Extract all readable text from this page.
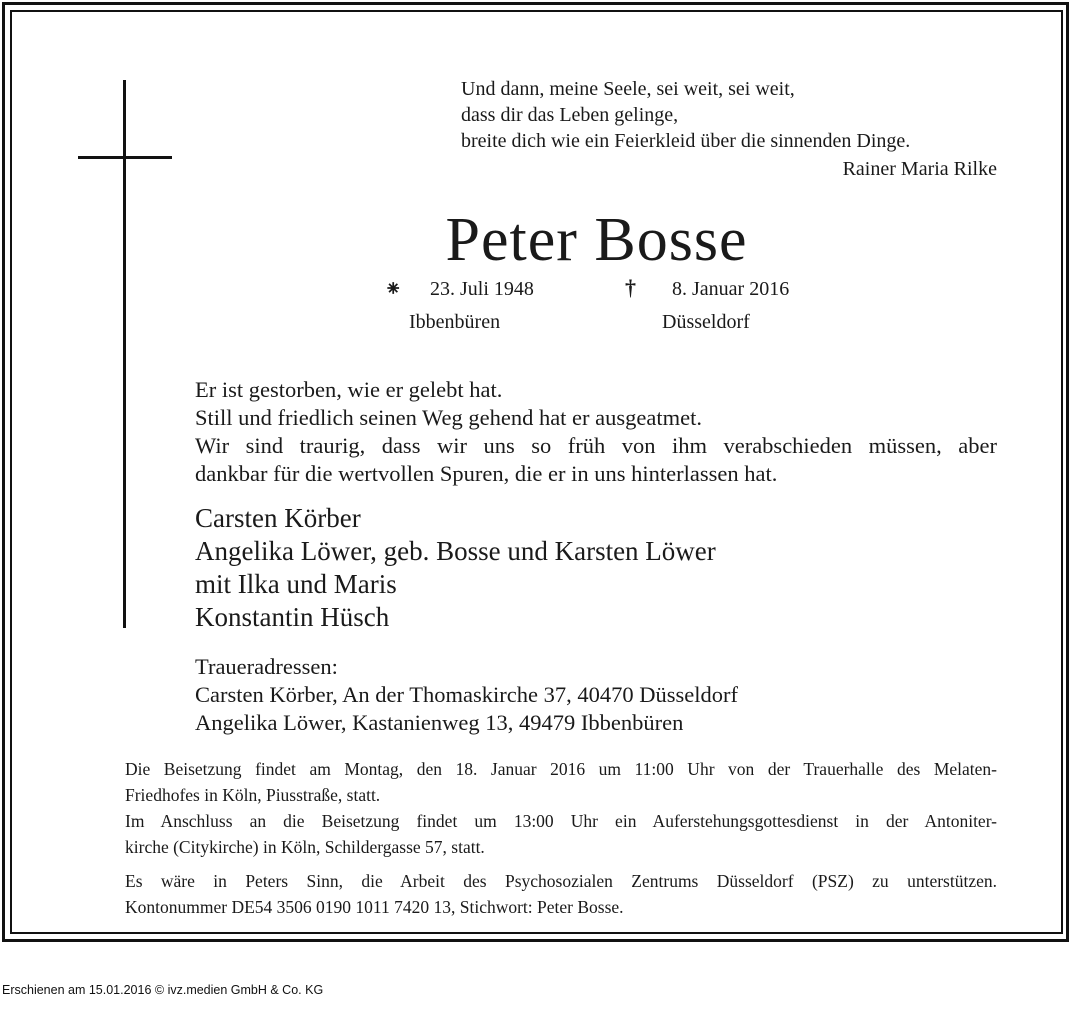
Und dann, meine Seele, sei weit, sei weit,
dass dir das Leben gelinge,
breite dich wie ein Feierkleid über die sinnenden Dinge.
Rainer Maria Rilke
Peter Bosse
⁕ 23. Juli 1948
Ibbenbüren
† 8. Januar 2016
Düsseldorf
Er ist gestorben, wie er gelebt hat.
Still und friedlich seinen Weg gehend hat er ausgeatmet.
Wir sind traurig, dass wir uns so früh von ihm verabschieden müssen, aber
dankbar für die wertvollen Spuren, die er in uns hinterlassen hat.
Carsten Körber
Angelika Löwer, geb. Bosse und Karsten Löwer
mit Ilka und Maris
Konstantin Hüsch
Traueradressen:
Carsten Körber, An der Thomaskirche 37, 40470 Düsseldorf
Angelika Löwer, Kastanienweg 13, 49479 Ibbenbüren
Die Beisetzung findet am Montag, den 18. Januar 2016 um 11:00 Uhr von der Trauerhalle des Melaten-
Friedhofes in Köln, Piusstraße, statt.
Im Anschluss an die Beisetzung findet um 13:00 Uhr ein Auferstehungsgottesdienst in der Antoniter-
kirche (Citykirche) in Köln, Schildergasse 57, statt.
Es wäre in Peters Sinn, die Arbeit des Psychosozialen Zentrums Düsseldorf (PSZ) zu unterstützen.
Kontonummer DE54 3506 0190 1011 7420 13, Stichwort: Peter Bosse.
Erschienen am 15.01.2016 © ivz.medien GmbH & Co. KG
